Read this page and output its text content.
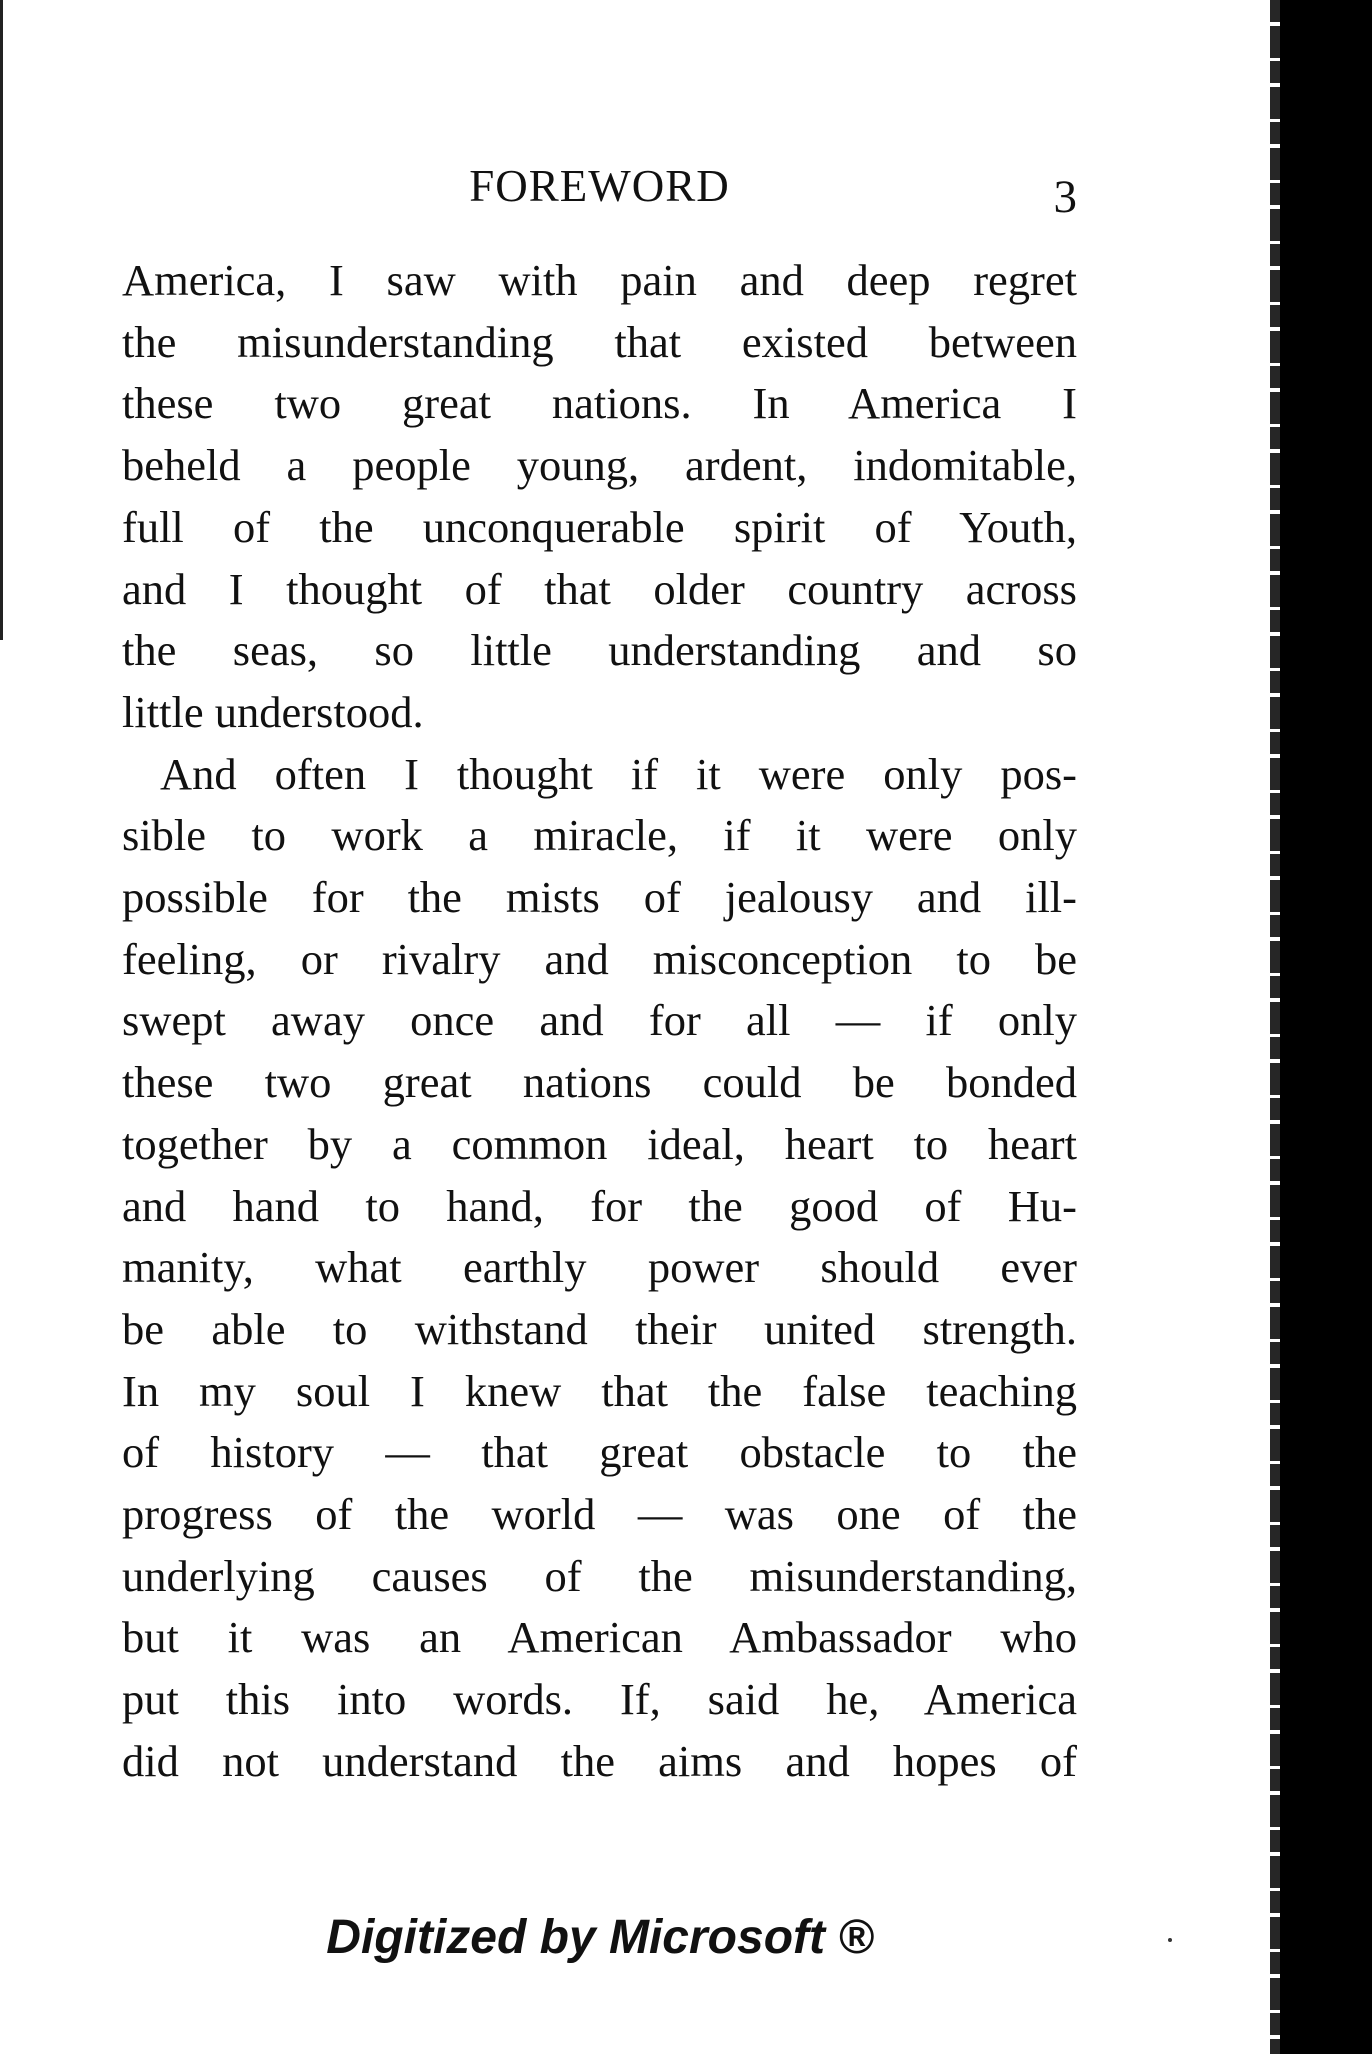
FOREWORD	3
America, I saw with pain and deep regret
the misunderstanding that existed between
these two great nations. In America I
beheld a people young, ardent, indomitable,
full of the unconquerable spirit of Youth,
and I thought of that older country across
the seas, so little understanding and so
little understood.
And often I thought if it were only pos-
sible to work a miracle, if it were only
possible for the mists of jealousy and ill-
feeling, or rivalry and misconception to be
swept away once and for all — if only
these two great nations could be bonded
together by a common ideal, heart to heart
and hand to hand, for the good of Hu-
manity, what earthly power should ever
be able to withstand their united strength.
In my soul I knew that the false teaching
of history — that great obstacle to the
progress of the world — was one of the
underlying causes of the misunderstanding,
but it was an American Ambassador who
put this into words. If, said he, America
did not understand the aims and hopes of
Digitized by Microsoft ®
